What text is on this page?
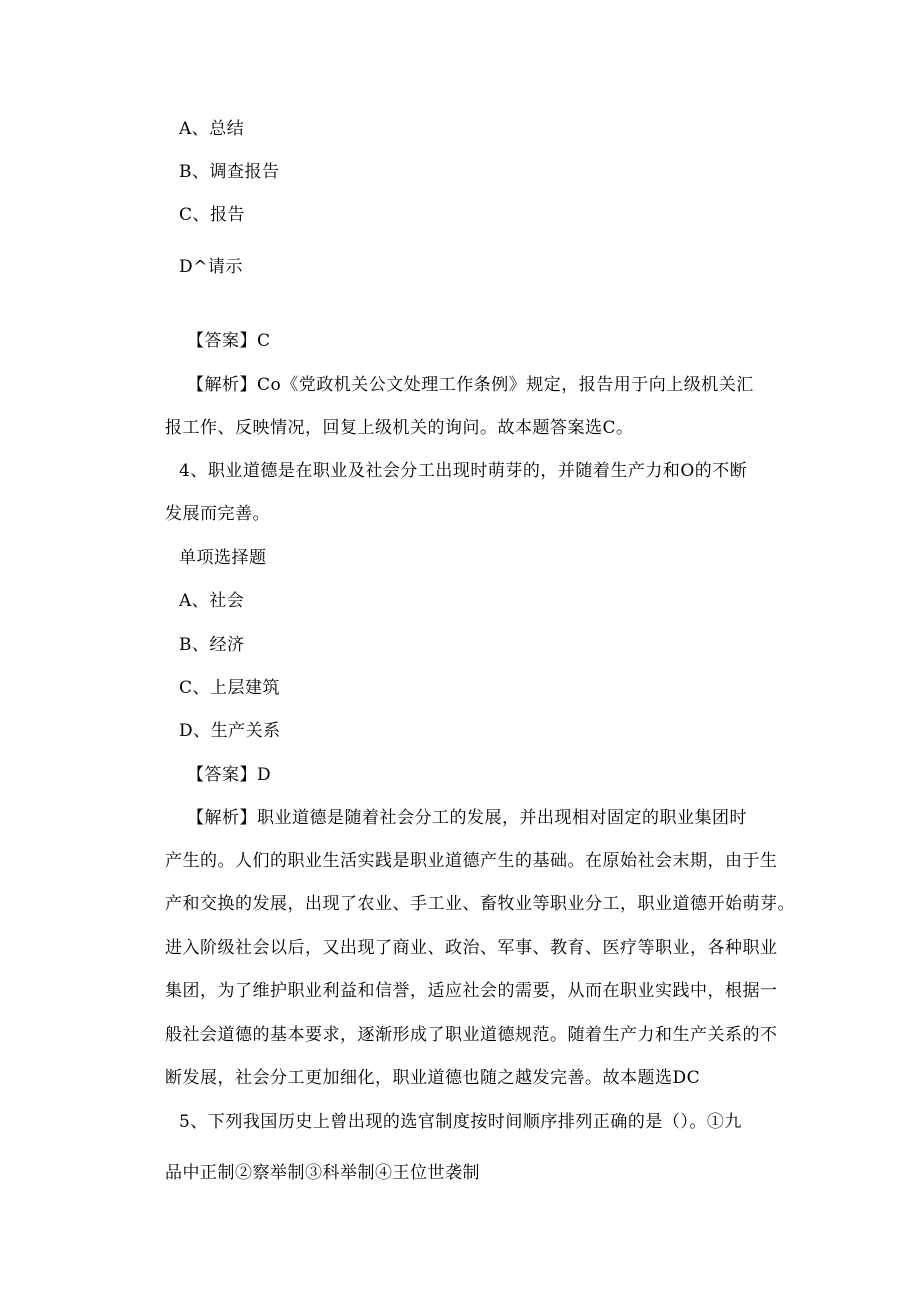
A、总结
B、调查报告
C、报告
D^请示
【答案】C
【解析】Co《党政机关公文处理工作条例》规定，报告用于向上级机关汇
报工作、反映情况，回复上级机关的询问。故本题答案选C。
4、职业道德是在职业及社会分工出现时萌芽的，并随着生产力和O的不断
发展而完善。
单项选择题
A、社会
B、经济
C、上层建筑
D、生产关系
【答案】D
【解析】职业道德是随着社会分工的发展，并出现相对固定的职业集团时
产生的。人们的职业生活实践是职业道德产生的基础。在原始社会末期，由于生
产和交换的发展，出现了农业、手工业、畜牧业等职业分工，职业道德开始萌芽。
进入阶级社会以后，又出现了商业、政治、军事、教育、医疗等职业，各种职业
集团，为了维护职业利益和信誉，适应社会的需要，从而在职业实践中，根据一
般社会道德的基本要求，逐渐形成了职业道德规范。随着生产力和生产关系的不
断发展，社会分工更加细化，职业道德也随之越发完善。故本题选DC
5、下列我国历史上曾出现的选官制度按时间顺序排列正确的是（）。①九
品中正制②察举制③科举制④王位世袭制
